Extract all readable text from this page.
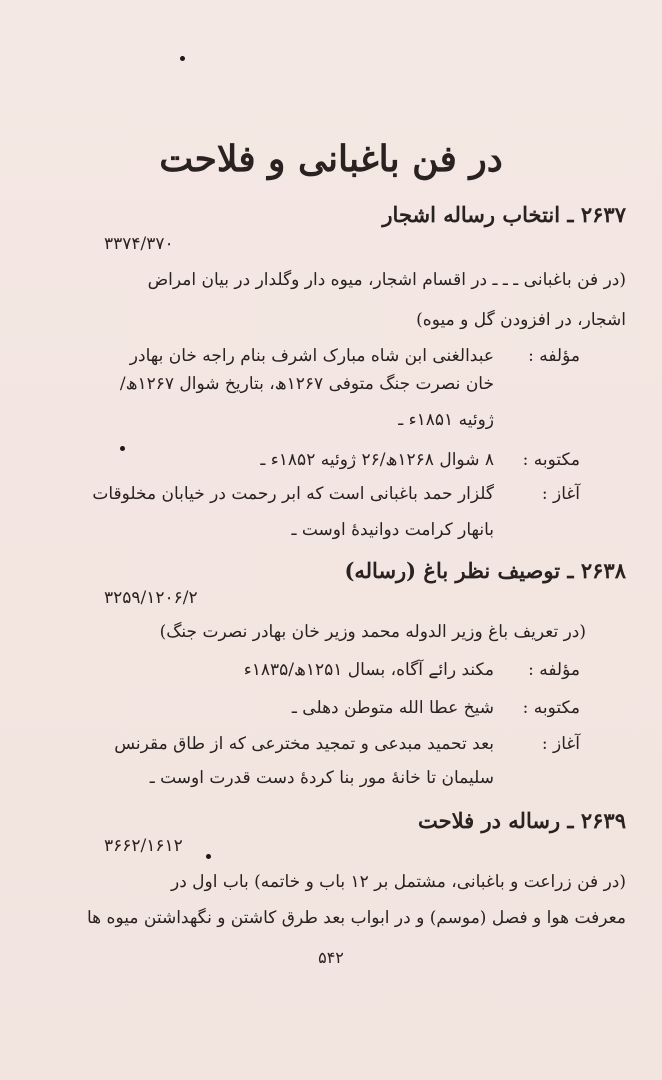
در فن باغبانی و فلاحت
۲۶۳۷ ـ انتخاب رساله اشجار
۳۳۷۴/۳۷۰
(در فن باغبانی ـ ـ ـ در اقسام اشجار، میوه دار وگلدار در بیان امراض
اشجار، در افزودن گل و میوه)
مؤلفه :
عبدالغنی ابن شاه مبارک اشرف بنام راجه خان بهادر
خان نصرت جنگ متوفی ۱۲۶۷ھ، بتاریخ شوال ۱۲۶۷ھ/
ژوئیه ۱۸۵۱ء ـ
مکتوبه :
۸ شوال ۱۲۶۸ھ/۲۶ ژوئیه ۱۸۵۲ء ـ
آغاز :
گلزار حمد باغبانی است که ابر رحمت در خیابان مخلوقات
بانهار کرامت دوانیدهٔ اوست ـ
۲۶۳۸ ـ توصیف نظر باغ (رساله)
۳۲۵۹/۱۲۰۶/۲
(در تعریف باغ وزیر الدوله محمد وزیر خان بهادر نصرت جنگ)
مؤلفه :
مکند رائے آگاه، بسال ۱۲۵۱ھ/۱۸۳۵ء
مکتوبه :
شیخ عطا الله متوطن دهلی ـ
آغاز :
بعد تحمید مبدعی و تمجید مخترعی که از طاق مقرنس
سلیمان تا خانهٔ مور بنا کردهٔ دست قدرت اوست ـ
۲۶۳۹ ـ رساله در فلاحت
۳۶۶۲/۱۶۱۲
(در فن زراعت و باغبانی، مشتمل بر ۱۲ باب و خاتمه) باب اول در
معرفت هوا و فصل (موسم) و در ابواب بعد طرق کاشتن و نگهداشتن میوه ها
۵۴۲
